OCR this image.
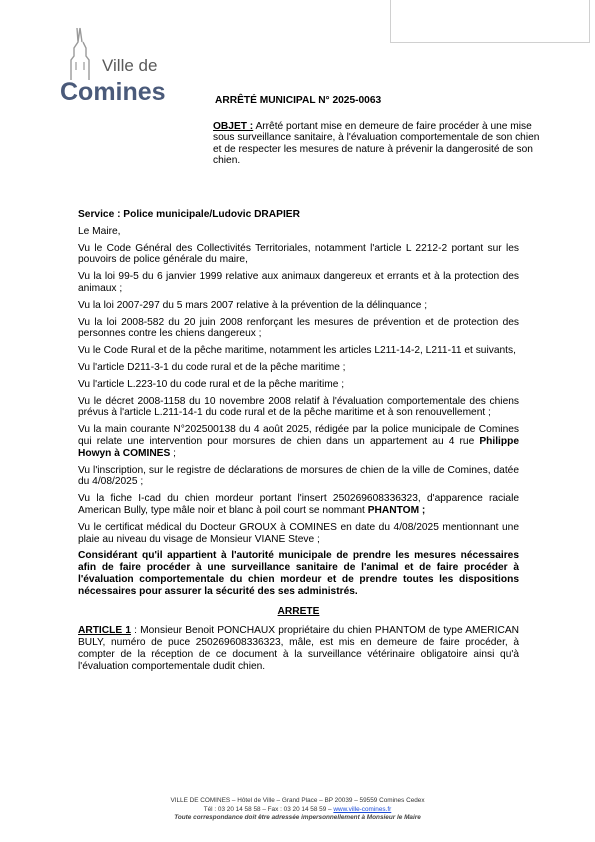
Ville de
Comines	ARRÊTÉ MUNICIPAL N° 2025-0063
OBJET : Arrêté portant mise en demeure de faire procéder à une mise sous surveillance sanitaire, à l'évaluation comportementale de son chien et de respecter les mesures de nature à prévenir la dangerosité de son chien.

Service : Police municipale/Ludovic DRAPIER

Le Maire,

Vu le Code Général des Collectivités Territoriales, notamment l'article L 2212-2 portant sur les pouvoirs de police générale du maire,

Vu la loi 99-5 du 6 janvier 1999 relative aux animaux dangereux et errants et à la protection des animaux ;

Vu la loi 2007-297 du 5 mars 2007 relative à la prévention de la délinquance ;

Vu la loi 2008-582 du 20 juin 2008 renforçant les mesures de prévention et de protection des personnes contre les chiens dangereux ;

Vu le Code Rural et de la pêche maritime, notamment les articles L211-14-2, L211-11 et suivants,

Vu l'article D211-3-1 du code rural et de la pêche maritime ;

Vu l'article L.223-10 du code rural et de la pêche maritime ;

Vu le décret 2008-1158 du 10 novembre 2008 relatif à l'évaluation comportementale des chiens prévus à l'article L.211-14-1 du code rural et de la pêche maritime et à son renouvellement ;

Vu la main courante N°202500138 du 4 août 2025, rédigée par la police municipale de Comines qui relate une intervention pour morsures de chien dans un appartement au 4 rue Philippe Howyn à COMINES ;

Vu l'inscription, sur le registre de déclarations de morsures de chien de la ville de Comines, datée du 4/08/2025 ;

Vu la fiche I-cad du chien mordeur portant l'insert 250269608336323, d'apparence raciale American Bully, type mâle noir et blanc à poil court se nommant PHANTOM ;

Vu le certificat médical du Docteur GROUX à COMINES en date du 4/08/2025 mentionnant une plaie au niveau du visage de Monsieur VIANE Steve ;

Considérant qu'il appartient à l'autorité municipale de prendre les mesures nécessaires afin de faire procéder à une surveillance sanitaire de l'animal et de faire procéder à l'évaluation comportementale du chien mordeur et de prendre toutes les dispositions nécessaires pour assurer la sécurité des ses administrés.

ARRETE

ARTICLE 1 : Monsieur Benoit PONCHAUX propriétaire du chien PHANTOM de type AMERICAN BULY, numéro de puce 250269608336323, mâle, est mis en demeure de faire procéder, à compter de la réception de ce document à la surveillance vétérinaire obligatoire ainsi qu'à l'évaluation comportementale dudit chien.

VILLE DE COMINES – Hôtel de Ville – Grand Place – BP 20039 – 59559 Comines Cedex
Tél : 03 20 14 58 58 – Fax : 03 20 14 58 59 – www.ville-comines.fr
Toute correspondance doit être adressée impersonnellement à Monsieur le Maire
